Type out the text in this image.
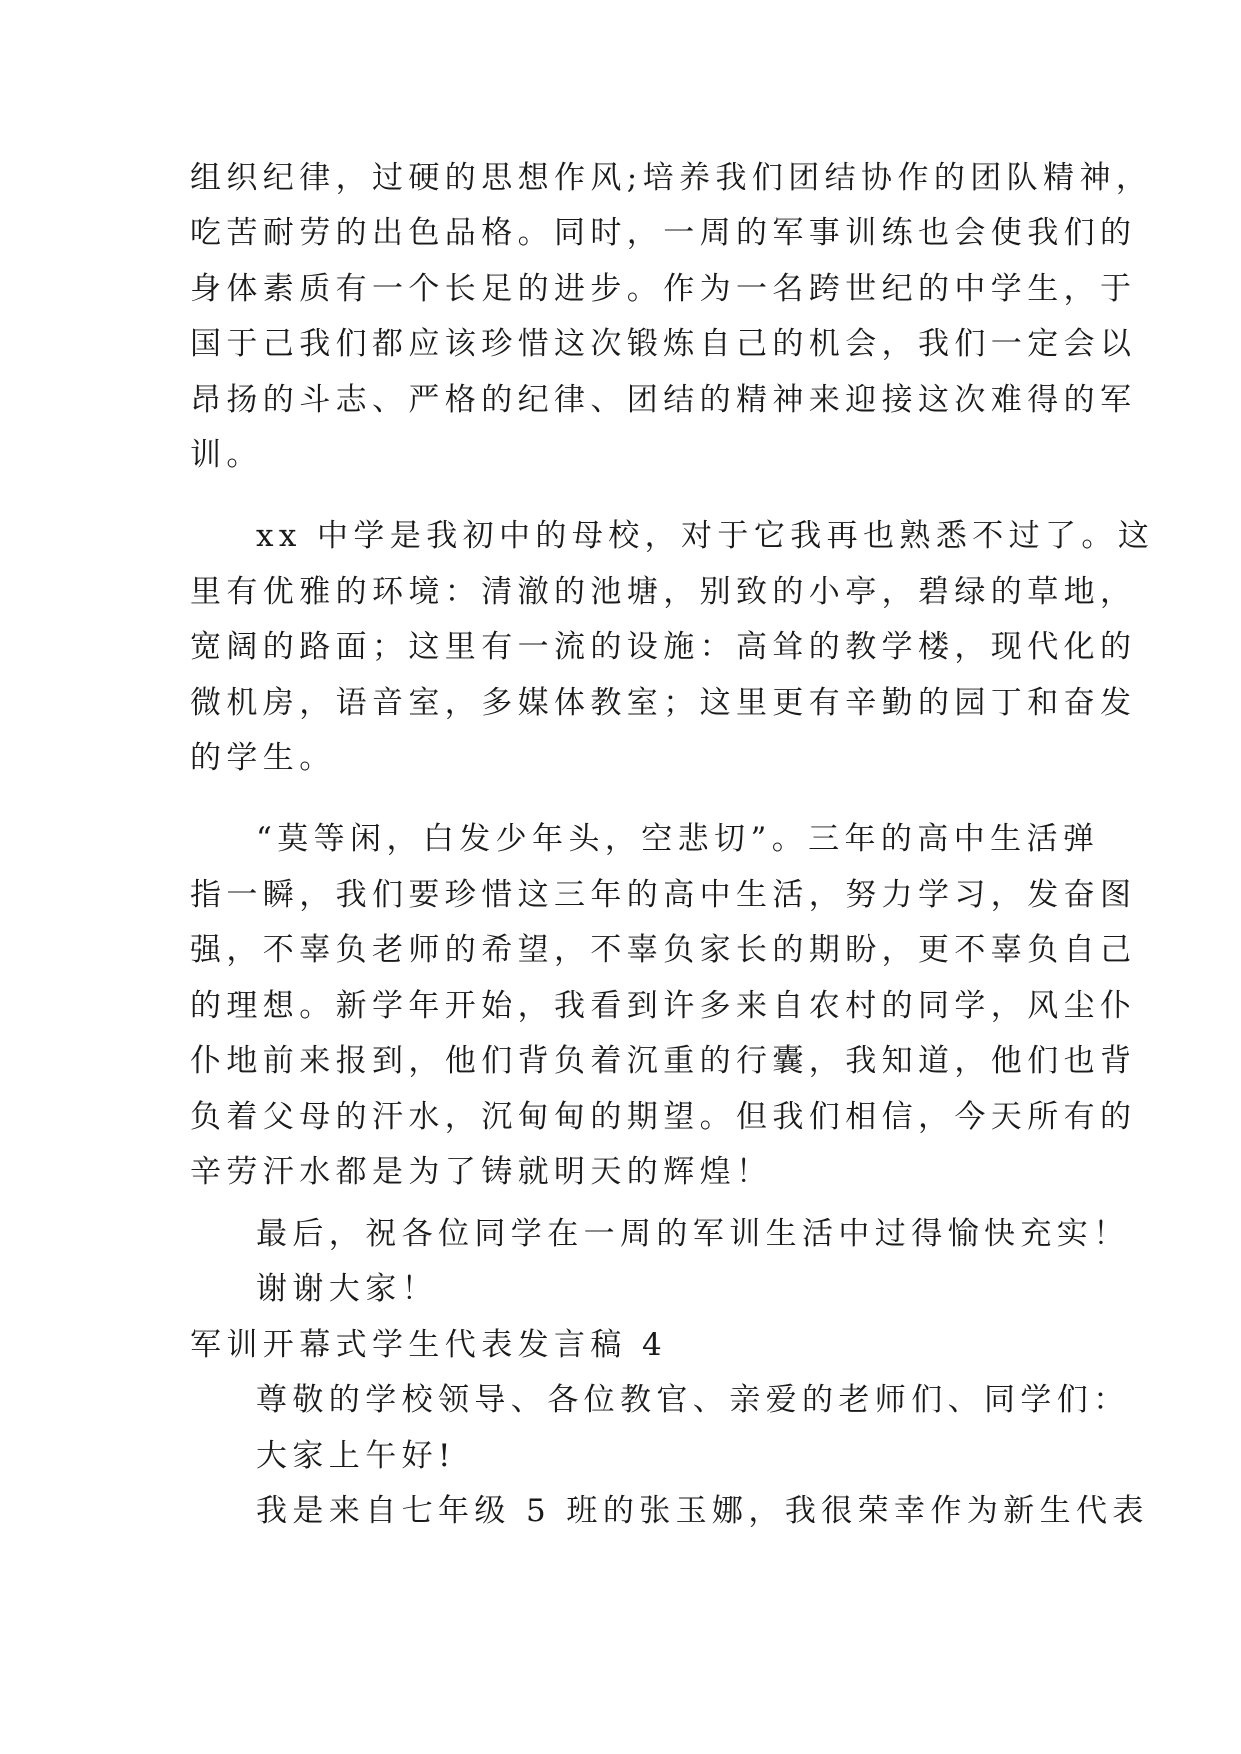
组织纪律，过硬的思想作风;培养我们团结协作的团队精神，
吃苦耐劳的出色品格。同时，一周的军事训练也会使我们的
身体素质有一个长足的进步。作为一名跨世纪的中学生，于
国于己我们都应该珍惜这次锻炼自己的机会，我们一定会以
昂扬的斗志、严格的纪律、团结的精神来迎接这次难得的军
训。
xx 中学是我初中的母校，对于它我再也熟悉不过了。这
里有优雅的环境：清澈的池塘，别致的小亭，碧绿的草地，
宽阔的路面；这里有一流的设施：高耸的教学楼，现代化的
微机房，语音室，多媒体教室；这里更有辛勤的园丁和奋发
的学生。
“莫等闲，白发少年头，空悲切”。三年的高中生活弹
指一瞬，我们要珍惜这三年的高中生活，努力学习，发奋图
强，不辜负老师的希望，不辜负家长的期盼，更不辜负自己
的理想。新学年开始，我看到许多来自农村的同学，风尘仆
仆地前来报到，他们背负着沉重的行囊，我知道，他们也背
负着父母的汗水，沉甸甸的期望。但我们相信，今天所有的
辛劳汗水都是为了铸就明天的辉煌！
最后，祝各位同学在一周的军训生活中过得愉快充实！
谢谢大家！
军训开幕式学生代表发言稿 4
尊敬的学校领导、各位教官、亲爱的老师们、同学们：
大家上午好!
我是来自七年级 5 班的张玉娜，我很荣幸作为新生代表
